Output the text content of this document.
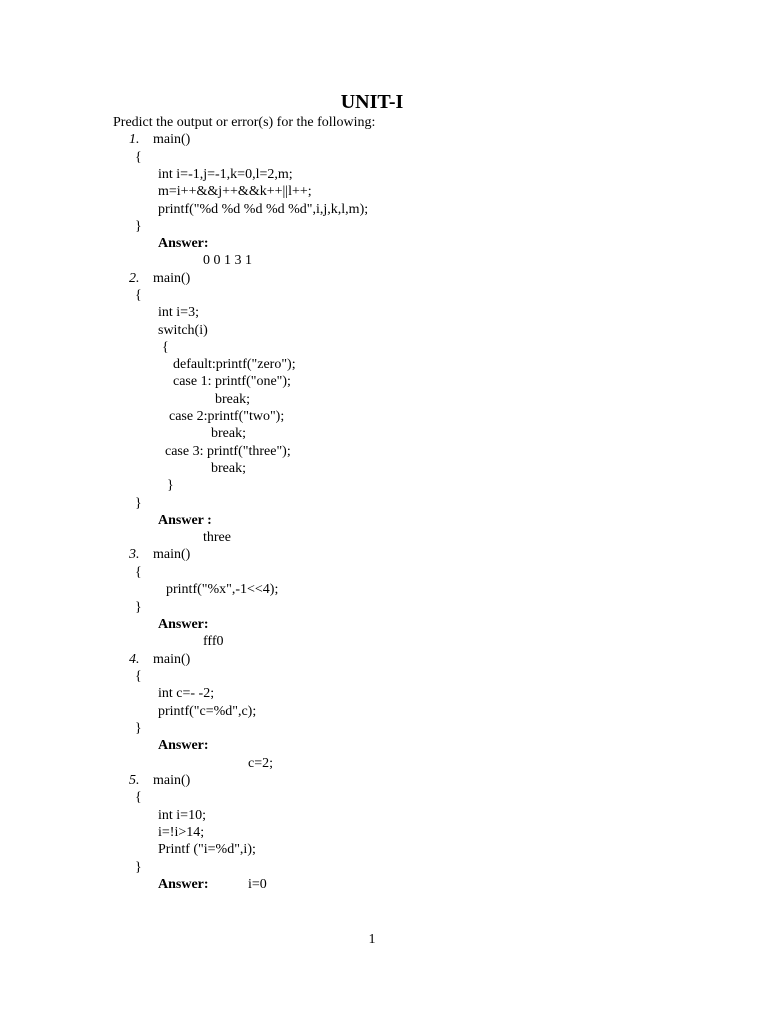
UNIT-I
Predict the output or error(s) for the following:
1. main()
{
int i=-1,j=-1,k=0,l=2,m;
m=i++&&j++&&k++||l++;
printf("%d %d %d %d %d",i,j,k,l,m);
}
Answer:
0 0 1 3 1
2. main()
{
int i=3;
switch(i)
{
default:printf("zero");
case 1: printf("one");
break;
case 2:printf("two");
break;
case 3: printf("three");
break;
}
}
Answer :
three
3. main()
{
printf("%x",-1<<4);
}
Answer:
fff0
4. main()
{
int c=- -2;
printf("c=%d",c);
}
Answer:
c=2;
5. main()
{
int i=10;
i=!i>14;
Printf ("i=%d",i);
}
Answer:	i=0
1
